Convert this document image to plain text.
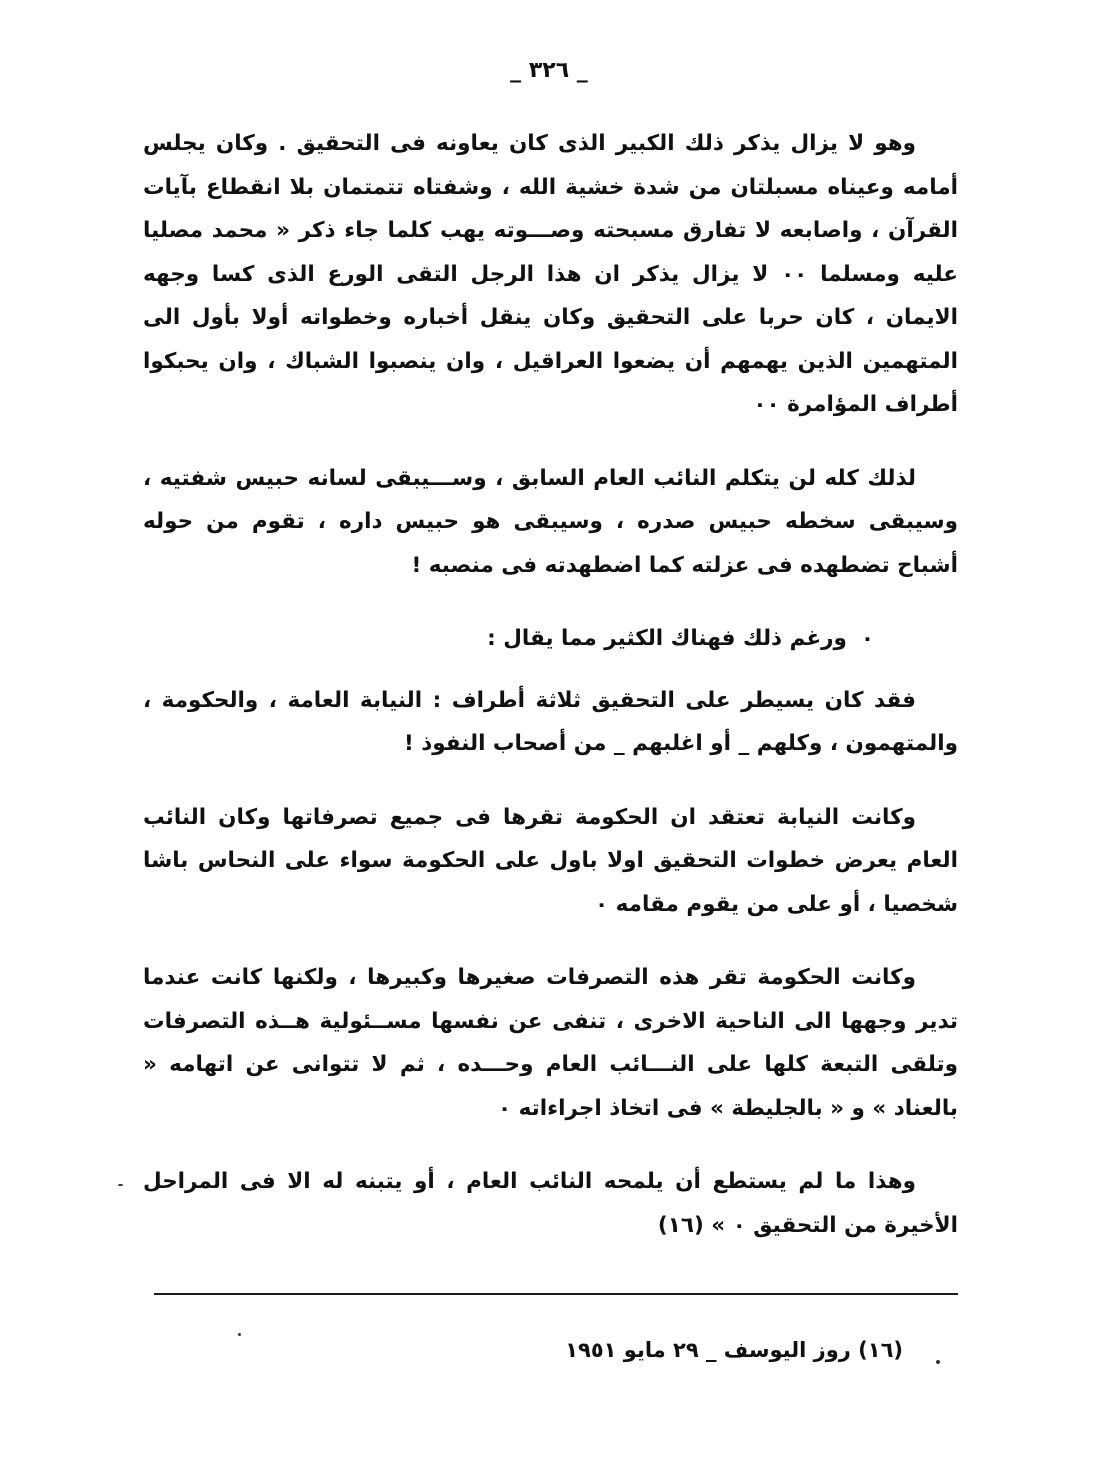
_ ٣٢٦ _

وهو لا يزال يذكر ذلك الكبير الذى كان يعاونه فى التحقيق . وكان يجلس أمامه وعيناه مسبلتان من شدة خشية الله ، وشفتاه تتمتمان بلا انقطاع بآيات القرآن ، واصابعه لا تفارق مسبحته وصـــوته يهب كلما جاء ذكر « محمد مصليا عليه ومسلما ٠٠ لا يزال يذكر ان هذا الرجل التقى الورع الذى كسا وجهه الايمان ، كان حربا على التحقيق وكان ينقل أخباره وخطواته أولا بأول الى المتهمين الذين يهمهم أن يضعوا العراقيل ، وان ينصبوا الشباك ، وان يحبكوا أطراف المؤامرة ٠٠

لذلك كله لن يتكلم النائب العام السابق ، وســـيبقى لسانه حبيس شفتيه ، وسيبقى سخطه حبيس صدره ، وسيبقى هو حبيس داره ، تقوم من حوله أشباح تضطهده فى عزلته كما اضطهدته فى منصبه !

٠ورغم ذلك فهناك الكثير مما يقال :

فقد كان يسيطر على التحقيق ثلاثة أطراف : النيابة العامة ، والحكومة ، والمتهمون ، وكلهم _ أو اغلبهم _ من أصحاب النفوذ !

وكانت النيابة تعتقد ان الحكومة تقرها فى جميع تصرفاتها وكان النائب العام يعرض خطوات التحقيق اولا باول على الحكومة سواء على النحاس باشا شخصيا ، أو على من يقوم مقامه ٠

وكانت الحكومة تقر هذه التصرفات صغيرها وكبيرها ، ولكنها كانت عندما تدير وجهها الى الناحية الاخرى ، تنفى عن نفسها مســئولية هــذه التصرفات وتلقى التبعة كلها على النـــائب العام وحـــده ، ثم لا تتوانى عن اتهامه « بالعناد » و « بالجليطة » فى اتخاذ اجراءاته ٠

وهذا ما لم يستطع أن يلمحه النائب العام ، أو يتبنه له الا فى المراحل الأخيرة من التحقيق ٠ » (١٦)

(١٦) روز اليوسف _ ٢٩ مايو ١٩٥١
